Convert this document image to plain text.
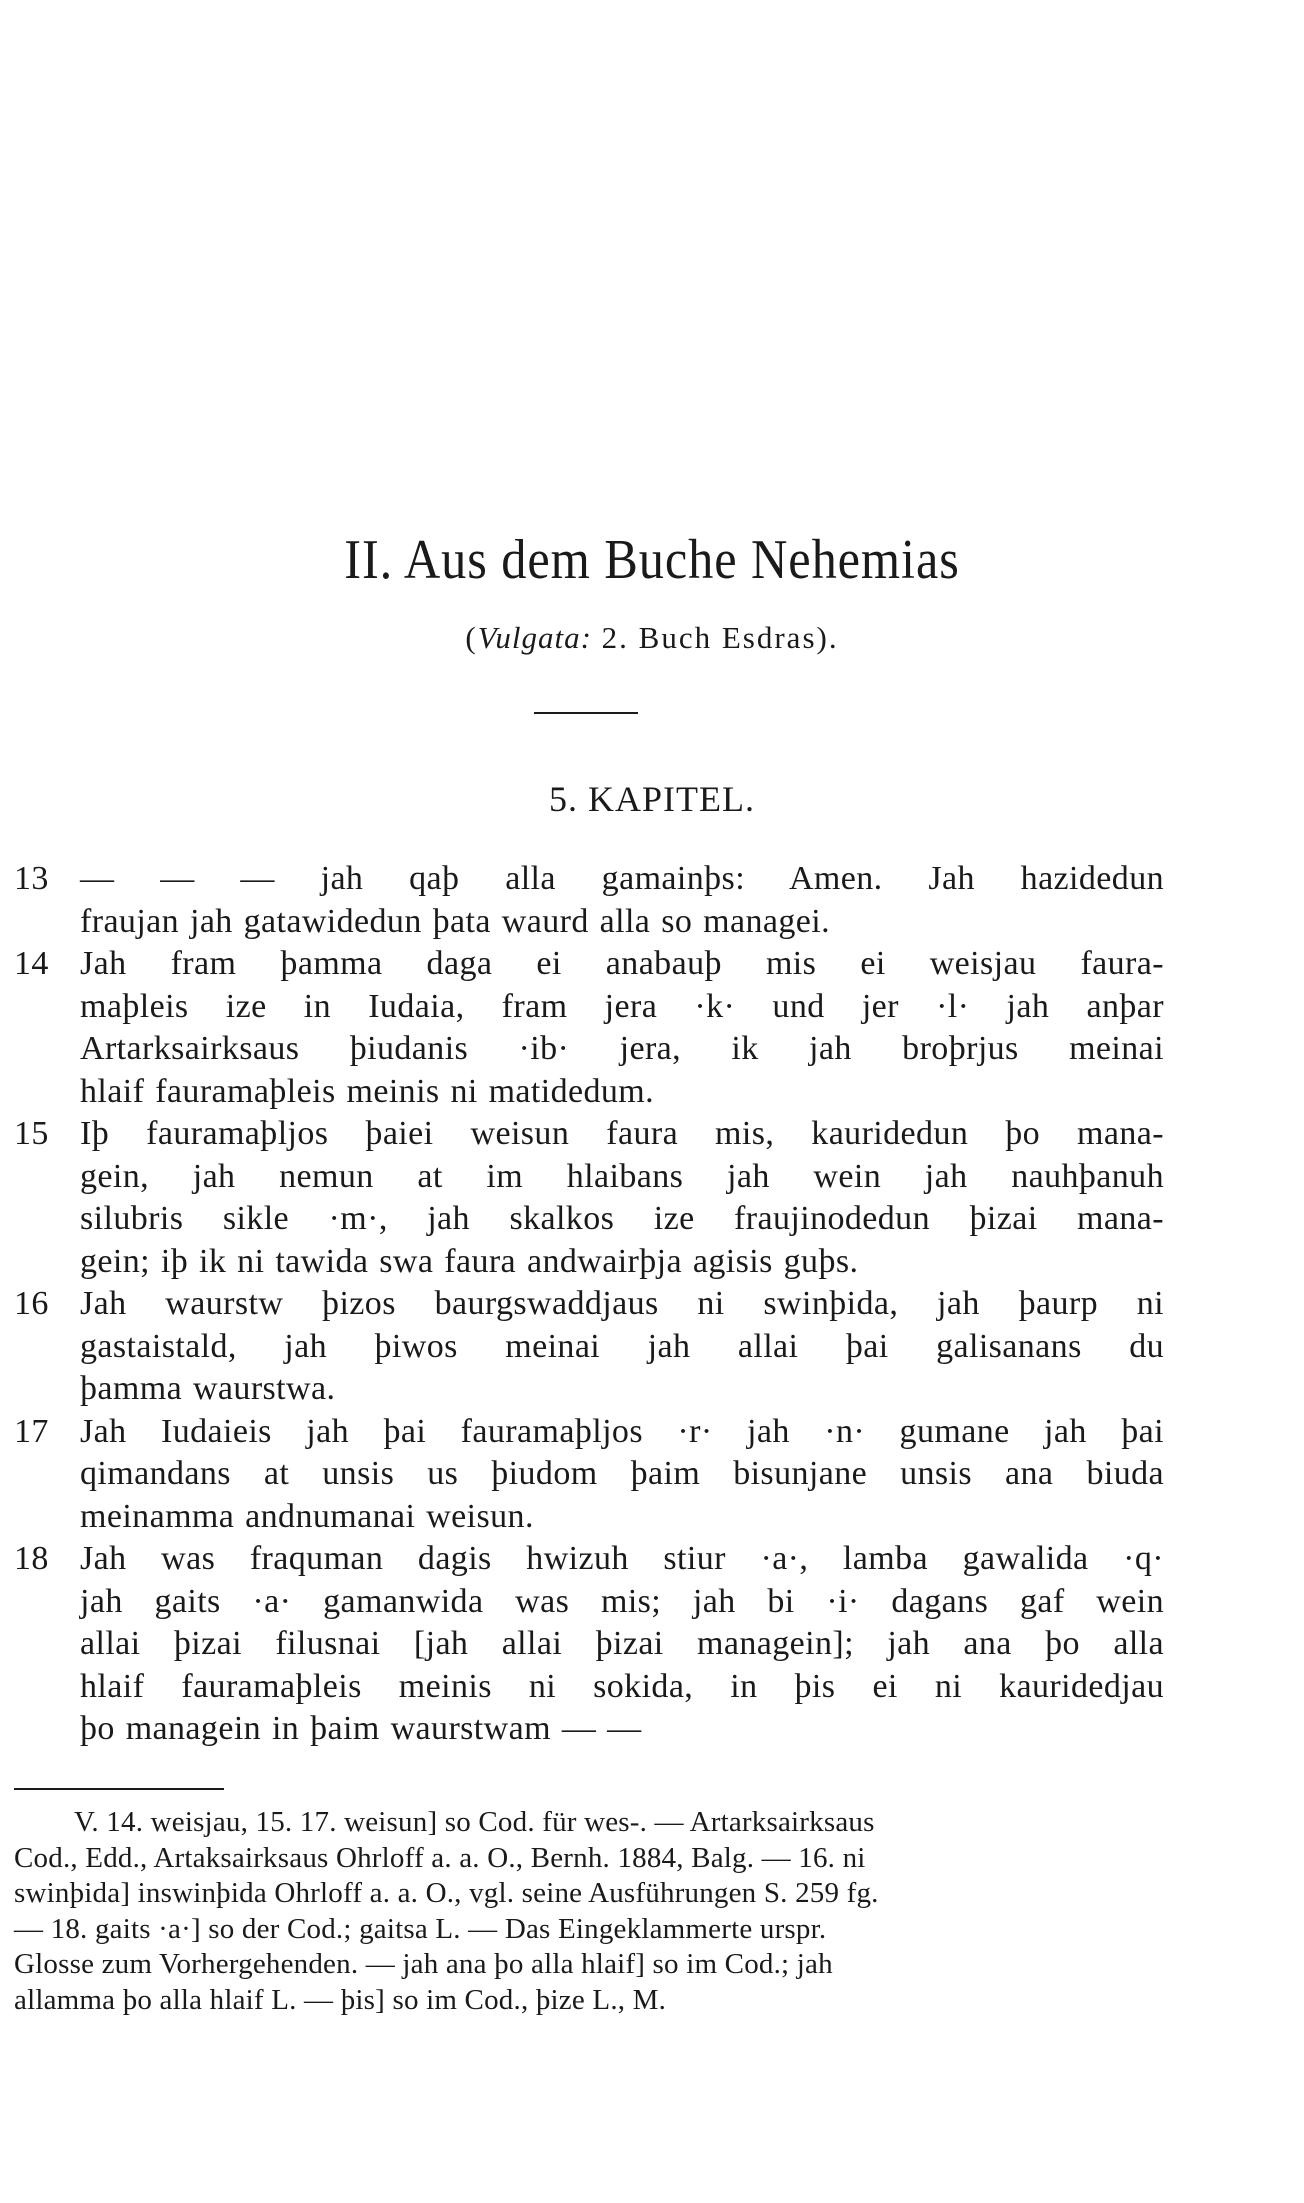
II. Aus dem Buche Nehemias
(Vulgata: 2. Buch Esdras).
5. KAPITEL.
13 — — — jah qaþ alla gamainþs: Amen. Jah hazidedun
fraujan jah gatawidedun þata waurd alla so managei.
14 Jah fram þamma daga ei anabauþ mis ei weisjau faura-
maþleis ize in Iudaia, fram jera ·k· und jer ·l· jah anþar
Artarksairksaus þiudanis ·ib· jera, ik jah broþrjus meinai
hlaif fauramaþleis meinis ni matidedum.
15 Iþ fauramaþljos þaiei weisun faura mis, kauridedun þo mana-
gein, jah nemun at im hlaibans jah wein jah nauhþanuh
silubris sikle ·m·, jah skalkos ize fraujinodedun þizai mana-
gein; iþ ik ni tawida swa faura andwairþja agisis guþs.
16 Jah waurstw þizos baurgswaddjaus ni swinþida, jah þaurp ni
gastaistald, jah þiwos meinai jah allai þai galisanans du
þamma waurstwa.
17 Jah Iudaieis jah þai fauramaþljos ·r· jah ·n· gumane jah þai
qimandans at unsis us þiudom þaim bisunjane unsis ana biuda
meinamma andnumanai weisun.
18 Jah was fraquman dagis hwizuh stiur ·a·, lamba gawalida ·q·
jah gaits ·a· gamanwida was mis; jah bi ·i· dagans gaf wein
allai þizai filusnai [jah allai þizai managein]; jah ana þo alla
hlaif fauramaþleis meinis ni sokida, in þis ei ni kauridedjau
þo managein in þaim waurstwam — —
V. 14. weisjau, 15. 17. weisun] so Cod. für wes-. — Artarksairksaus
Cod., Edd., Artaksairksaus Ohrloff a. a. O., Bernh. 1884, Balg. — 16. ni
swinþida] inswinþida Ohrloff a. a. O., vgl. seine Ausführungen S. 259 fg.
— 18. gaits ·a·] so der Cod.; gaitsa L. — Das Eingeklammerte urspr.
Glosse zum Vorhergehenden. — jah ana þo alla hlaif] so im Cod.; jah
allamma þo alla hlaif L. — þis] so im Cod., þize L., M.
